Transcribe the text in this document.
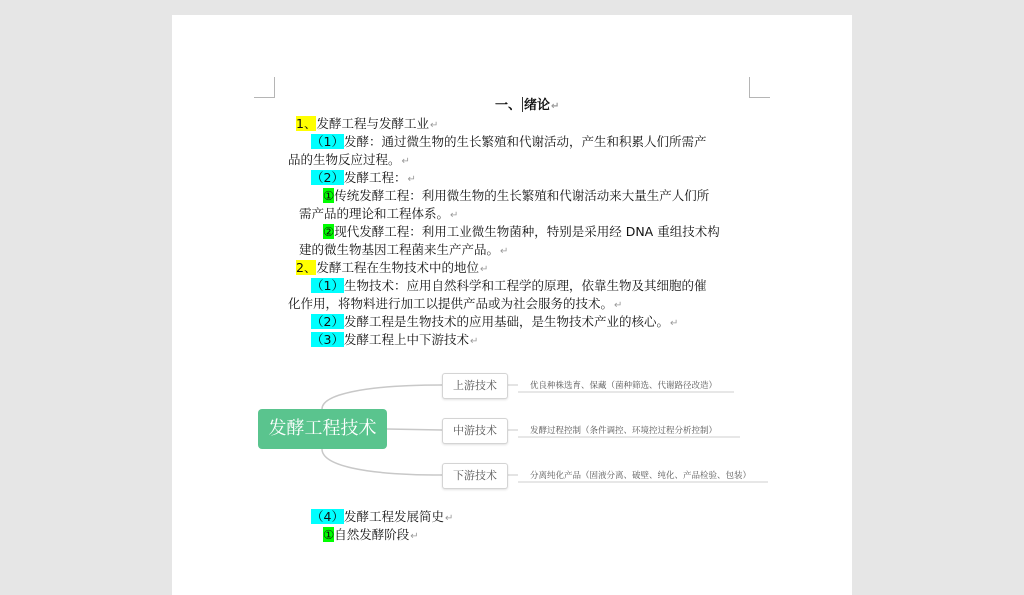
一、 绪论↵
1、发酵工程与发酵工业↵
（1）发酵：通过微生物的生长繁殖和代谢活动，产生和积累人们所需产
品的生物反应过程。↵
（2）发酵工程：↵
①传统发酵工程：利用微生物的生长繁殖和代谢活动来大量生产人们所
需产品的理论和工程体系。↵
②现代发酵工程：利用工业微生物菌种，特别是采用经 DNA 重组技术构
建的微生物基因工程菌来生产产品。↵
2、发酵工程在生物技术中的地位↵
（1）生物技术：应用自然科学和工程学的原理，依靠生物及其细胞的催
化作用，将物料进行加工以提供产品或为社会服务的技术。↵
（2）发酵工程是生物技术的应用基础，是生物技术产业的核心。↵
（3）发酵工程上中下游技术↵
发酵工程技术
上游技术
中游技术
下游技术
优良种株选育、保藏（菌种筛选、代谢路径改造）
发酵过程控制（条件调控、环境控过程分析控制）
分离纯化产品（固液分离、破壁、纯化、产品检验、包装）
（4）发酵工程发展简史↵
①自然发酵阶段↵
